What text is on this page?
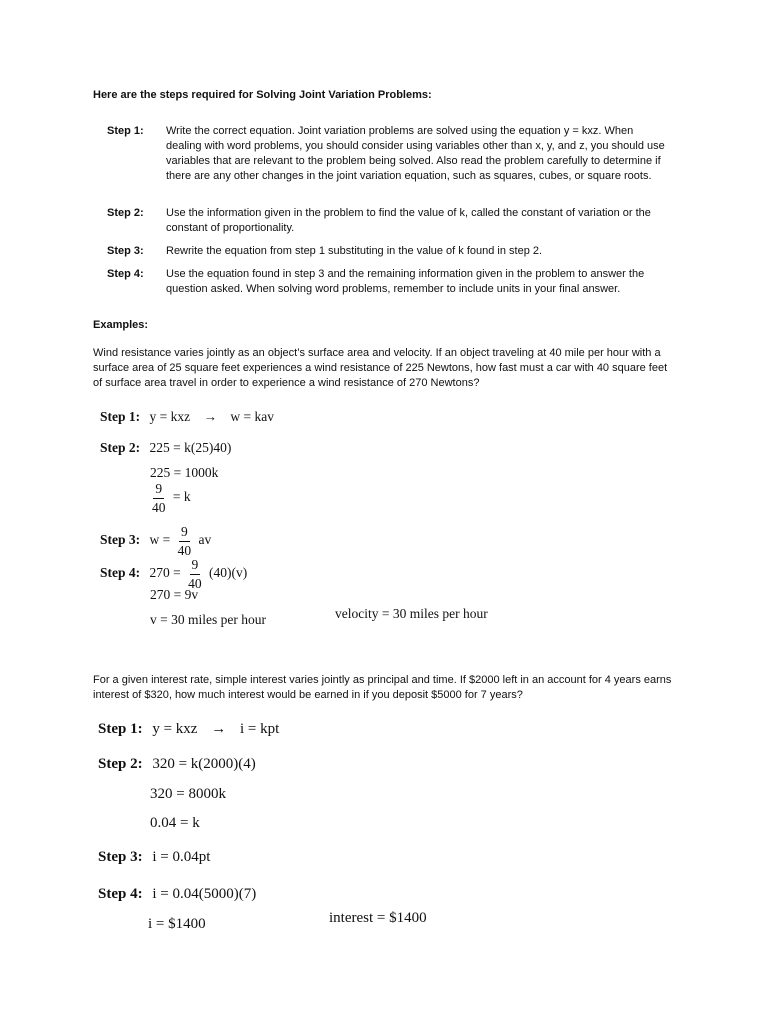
Here are the steps required for Solving Joint Variation Problems:
Step 1: Write the correct equation. Joint variation problems are solved using the equation y = kxz. When dealing with word problems, you should consider using variables other than x, y, and z, you should use variables that are relevant to the problem being solved. Also read the problem carefully to determine if there are any other changes in the joint variation equation, such as squares, cubes, or square roots.
Step 2: Use the information given in the problem to find the value of k, called the constant of variation or the constant of proportionality.
Step 3: Rewrite the equation from step 1 substituting in the value of k found in step 2.
Step 4: Use the equation found in step 3 and the remaining information given in the problem to answer the question asked. When solving word problems, remember to include units in your final answer.
Examples:
Wind resistance varies jointly as an object’s surface area and velocity. If an object traveling at 40 mile per hour with a surface area of 25 square feet experiences a wind resistance of 225 Newtons, how fast must a car with 40 square feet of surface area travel in order to experience a wind resistance of 270 Newtons?
Step 1: y = kxz → w = kav
Step 2: 225 = k(25)40)
225 = 1000k
$\frac{9}{40} = k$
Step 3: $w = \frac{9}{40}$ av
Step 4: $270 = \frac{9}{40} (40)(v)$
270 = 9v
v = 30 miles per hour	velocity = 30 miles per hour
For a given interest rate, simple interest varies jointly as principal and time. If $2000 left in an account for 4 years earns interest of $320, how much interest would be earned in if you deposit $5000 for 7 years?
Step 1: y = kxz → i = kpt
Step 2: 320 = k(2000)(4)
320 = 8000k
0.04 = k
Step 3: i = 0.04pt
Step 4: i = 0.04(5000)(7)
i = $1400	interest = $1400
